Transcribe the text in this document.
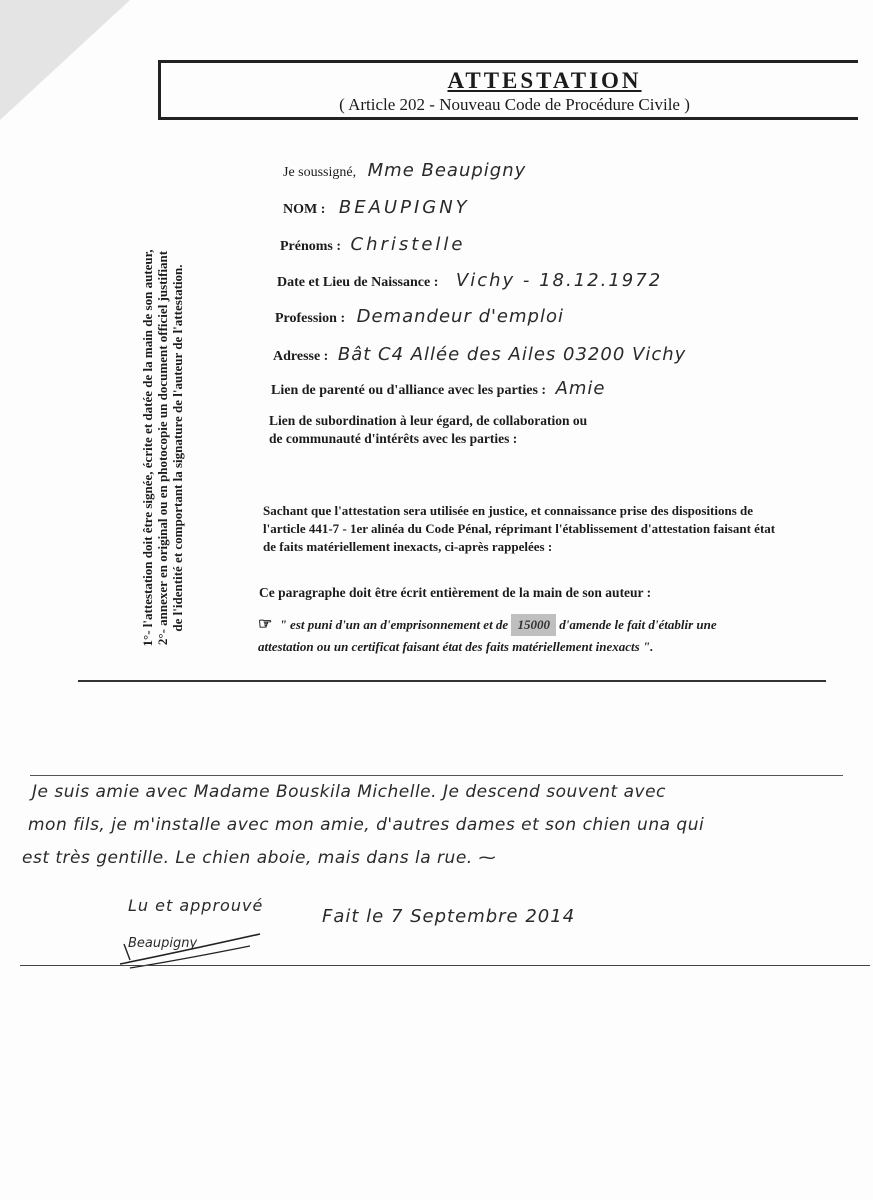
ATTESTATION
( Article 202 - Nouveau Code de Procédure Civile )
1°- l'attestation doit être signée, écrite et datée de la main de son auteur, 2°- annexer en original ou en photocopie un document officiel justifiant de l'identité et comportant la signature de l'auteur de l'attestation.
Je soussigné, Mme Beaupigny
NOM : BEAUPIGNY
Prénoms : Christelle
Date et Lieu de Naissance : Vichy - 18.12.1972
Profession : Demandeur d'emploi
Adresse : Bât C4 Allée des Ailes 03200 Vichy
Lien de parenté ou d'alliance avec les parties : Amie
Lien de subordination à leur égard, de collaboration ou
de communauté d'intérêts avec les parties :
Sachant que l'attestation sera utilisée en justice, et connaissance prise des dispositions de
l'article 441-7 - 1er alinéa du Code Pénal, réprimant l'établissement d'attestation faisant état
de faits matériellement inexacts, ci-après rappelées :
Ce paragraphe doit être écrit entièrement de la main de son auteur :
☞ " est puni d'un an d'emprisonnement et de 15000 d'amende le fait d'établir une
attestation ou un certificat faisant état des faits matériellement inexacts ".
Je suis amie avec Madame Bouskila Michelle. Je descend souvent avec
mon fils, je m'installe avec mon amie, d'autres dames et son chien una qui
est très gentille. Le chien aboie, mais dans la rue. ⁓
Lu et approuvé
Fait le 7 Septembre 2014
Beaupigny
